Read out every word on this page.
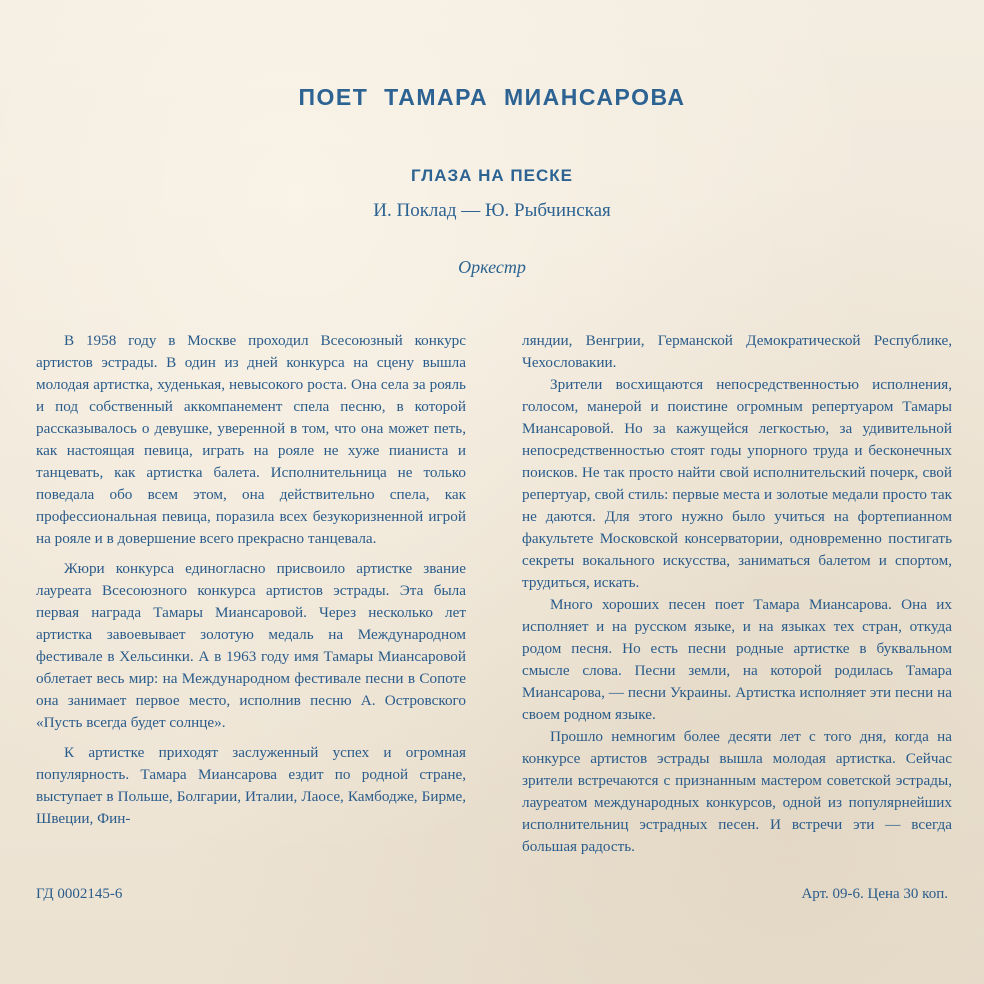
ПОЕТ ТАМАРА МИАНСАРОВА
ГЛАЗА НА ПЕСКЕ
И. Поклад — Ю. Рыбчинская
Оркестр

В 1958 году в Москве проходил Всесоюзный конкурс артистов эстрады. В один из дней конкурса на сцену вышла молодая артистка, худенькая, невысокого роста. Она села за рояль и под собственный аккомпанемент спела песню, в которой рассказывалось о девушке, уверенной в том, что она может петь, как настоящая певица, играть на рояле не хуже пианиста и танцевать, как артистка балета. Исполнительница не только поведала обо всем этом, она действительно спела, как профессиональная певица, поразила всех безукоризненной игрой на рояле и в довершение всего прекрасно танцевала.

Жюри конкурса единогласно присвоило артистке звание лауреата Всесоюзного конкурса артистов эстрады. Эта была первая награда Тамары Миансаровой. Через несколько лет артистка завоевывает золотую медаль на Международном фестивале в Хельсинки. А в 1963 году имя Тамары Миансаровой облетает весь мир: на Международном фестивале песни в Сопоте она занимает первое место, исполнив песню А. Островского «Пусть всегда будет солнце».

К артистке приходят заслуженный успех и огромная популярность. Тамара Миансарова ездит по родной стране, выступает в Польше, Болгарии, Италии, Лаосе, Камбодже, Бирме, Швеции, Фин-

ляндии, Венгрии, Германской Демократической Республике, Чехословакии.

Зрители восхищаются непосредственностью исполнения, голосом, манерой и поистине огромным репертуаром Тамары Миансаровой. Но за кажущейся легкостью, за удивительной непосредственностью стоят годы упорного труда и бесконечных поисков. Не так просто найти свой исполнительский почерк, свой репертуар, свой стиль: первые места и золотые медали просто так не даются. Для этого нужно было учиться на фортепианном факультете Московской консерватории, одновременно постигать секреты вокального искусства, заниматься балетом и спортом, трудиться, искать.

Много хороших песен поет Тамара Миансарова. Она их исполняет и на русском языке, и на языках тех стран, откуда родом песня. Но есть песни родные артистке в буквальном смысле слова. Песни земли, на которой родилась Тамара Миансарова, — песни Украины. Артистка исполняет эти песни на своем родном языке.

Прошло немногим более десяти лет с того дня, когда на конкурсе артистов эстрады вышла молодая артистка. Сейчас зрители встречаются с признанным мастером советской эстрады, лауреатом международных конкурсов, одной из популярнейших исполнительниц эстрадных песен. И встречи эти — всегда большая радость.

ГД 0002145-6	Арт. 09-6. Цена 30 коп.
